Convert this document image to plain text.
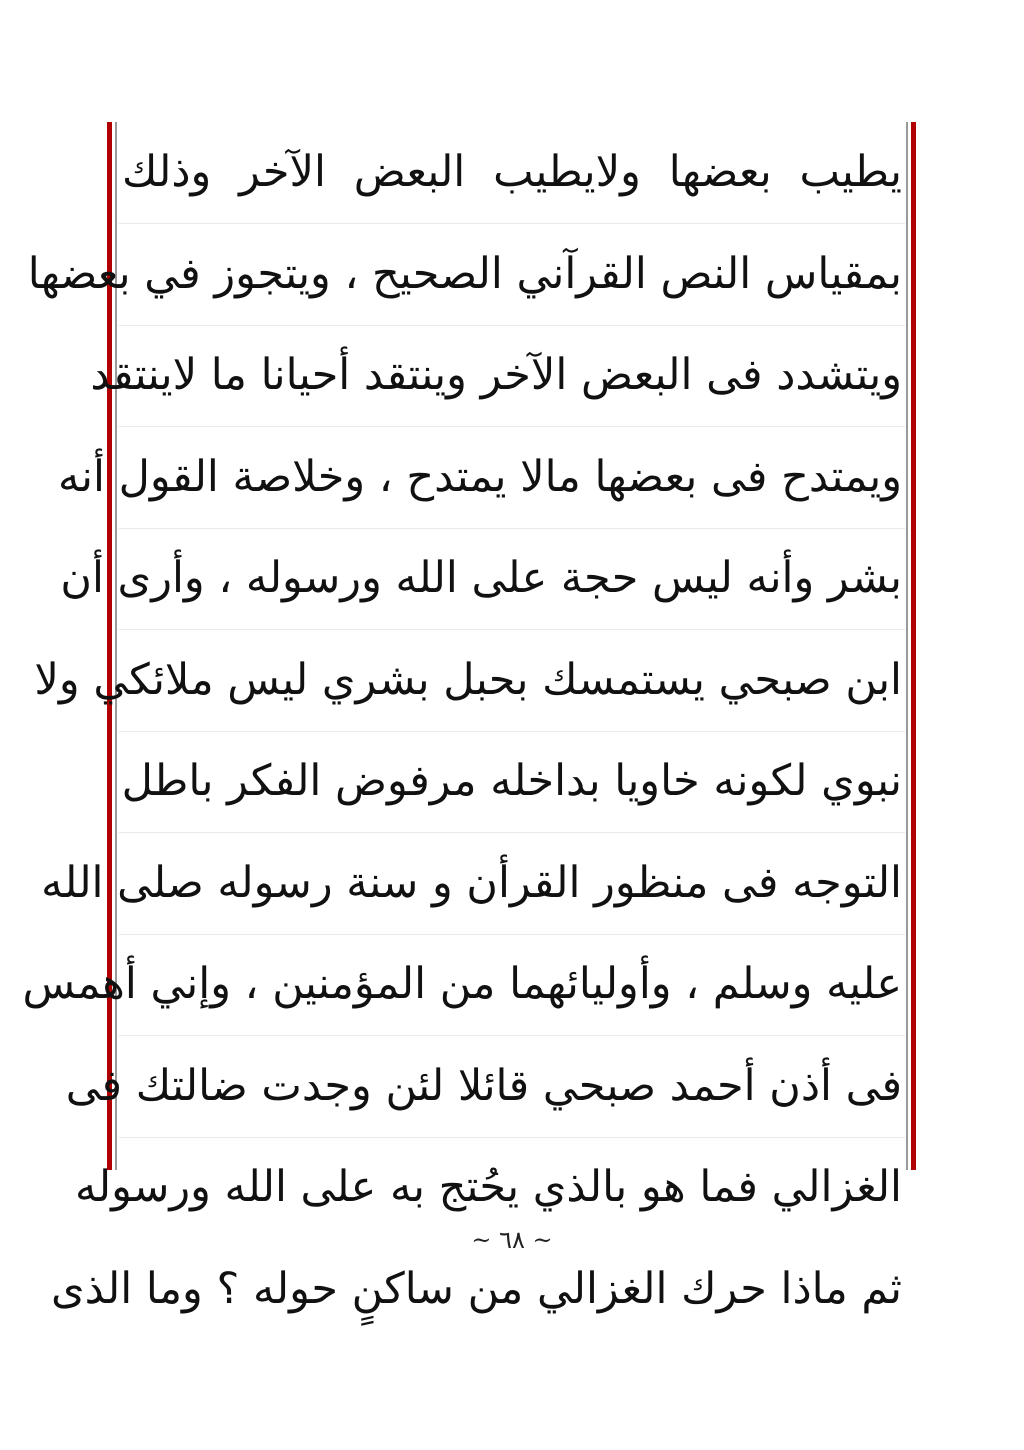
يطيب بعضها ولايطيب البعض الآخر وذلك
بمقياس النص القرآني الصحيح ، ويتجوز في بعضها
ويتشدد فى البعض الآخر وينتقد أحيانا ما لاينتقد
ويمتدح فى بعضها مالا يمتدح ، وخلاصة القول أنه
بشر وأنه ليس حجة على الله ورسوله ، وأرى أن
ابن صبحي يستمسك بحبل بشري ليس ملائكي ولا
نبوي لكونه خاويا بداخله مرفوض الفكر باطل
التوجه فى منظور القرأن و سنة رسوله صلى الله
عليه وسلم ، وأوليائهما من المؤمنين ، وإني أهمس
فى أذن أحمد صبحي قائلا لئن وجدت ضالتك فى
الغزالي فما هو بالذي يحُتج به على الله ورسوله
ثم ماذا حرك الغزالي من ساكنٍ حوله ؟ وما الذى
~ ٦٨ ~
